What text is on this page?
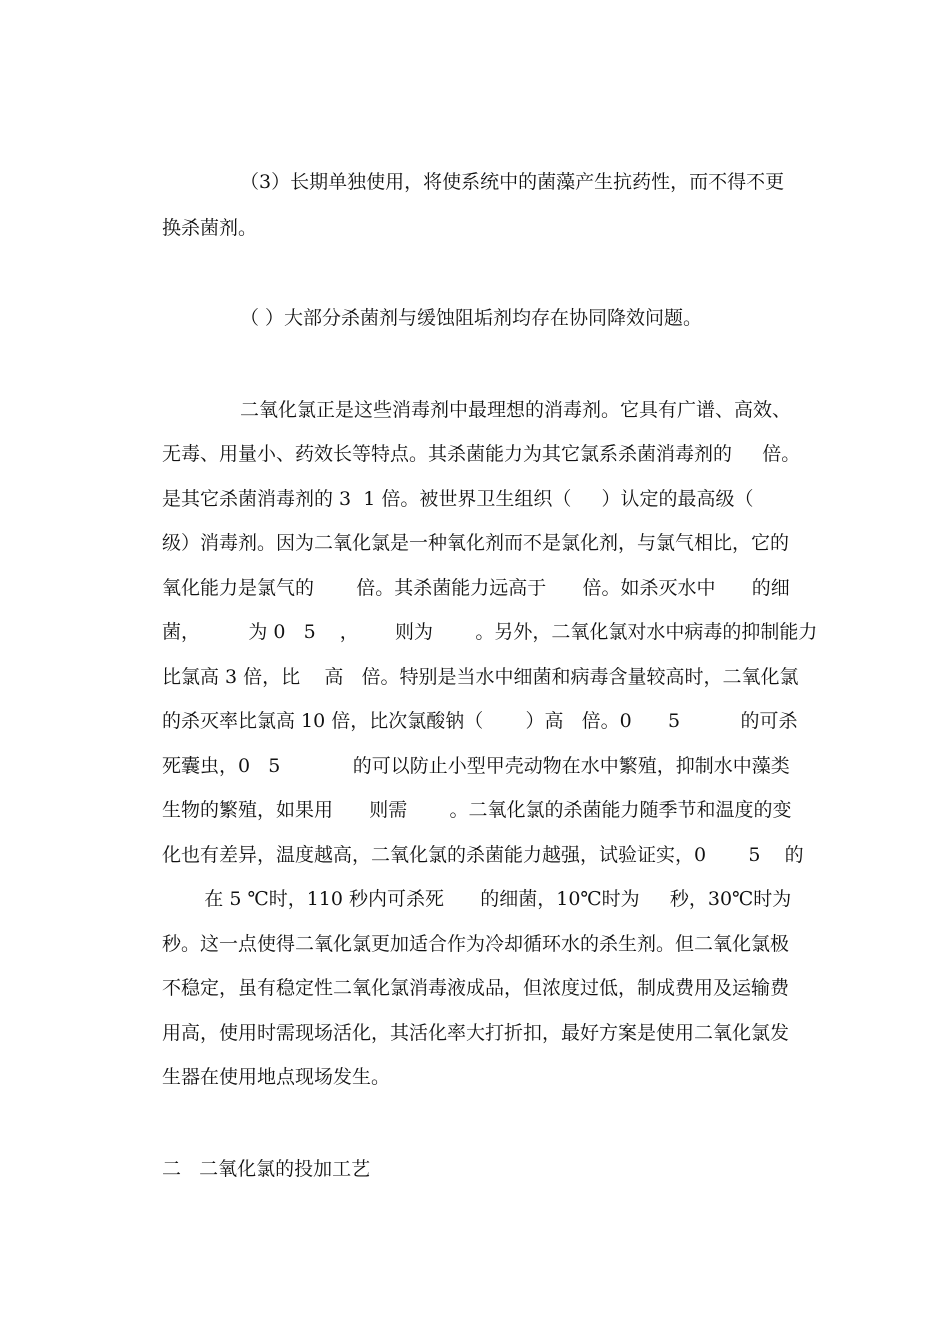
（3）长期单独使用，将使系统中的菌藻产生抗药性，而不得不更
换杀菌剂。
（ ）大部分杀菌剂与缓蚀阻垢剂均存在协同降效问题。
二氧化氯正是这些消毒剂中最理想的消毒剂。它具有广谱、高效、
无毒、用量小、药效长等特点。其杀菌能力为其它氯系杀菌消毒剂的     倍。
是其它杀菌消毒剂的 3  1 倍。被世界卫生组织（     ）认定的最高级（
级）消毒剂。因为二氧化氯是一种氧化剂而不是氯化剂，与氯气相比，它的
氧化能力是氯气的       倍。其杀菌能力远高于      倍。如杀灭水中      的细
菌，        为 0   5    ，      则为       。另外，二氧化氯对水中病毒的抑制能力
比氯高 3 倍，比    高   倍。特别是当水中细菌和病毒含量较高时，二氧化氯
的杀灭率比氯高 10 倍，比次氯酸钠（       ）高   倍。0      5          的可杀
死囊虫，0   5            的可以防止小型甲壳动物在水中繁殖，抑制水中藻类
生物的繁殖，如果用      则需       。二氧化氯的杀菌能力随季节和温度的变
化也有差异，温度越高，二氧化氯的杀菌能力越强，试验证实，0       5    的
在 5 ℃时，110 秒内可杀死      的细菌，10℃时为     秒，30℃时为
秒。这一点使得二氧化氯更加适合作为冷却循环水的杀生剂。但二氧化氯极
不稳定，虽有稳定性二氧化氯消毒液成品，但浓度过低，制成费用及运输费
用高，使用时需现场活化，其活化率大打折扣，最好方案是使用二氧化氯发
生器在使用地点现场发生。
二   二氧化氯的投加工艺
